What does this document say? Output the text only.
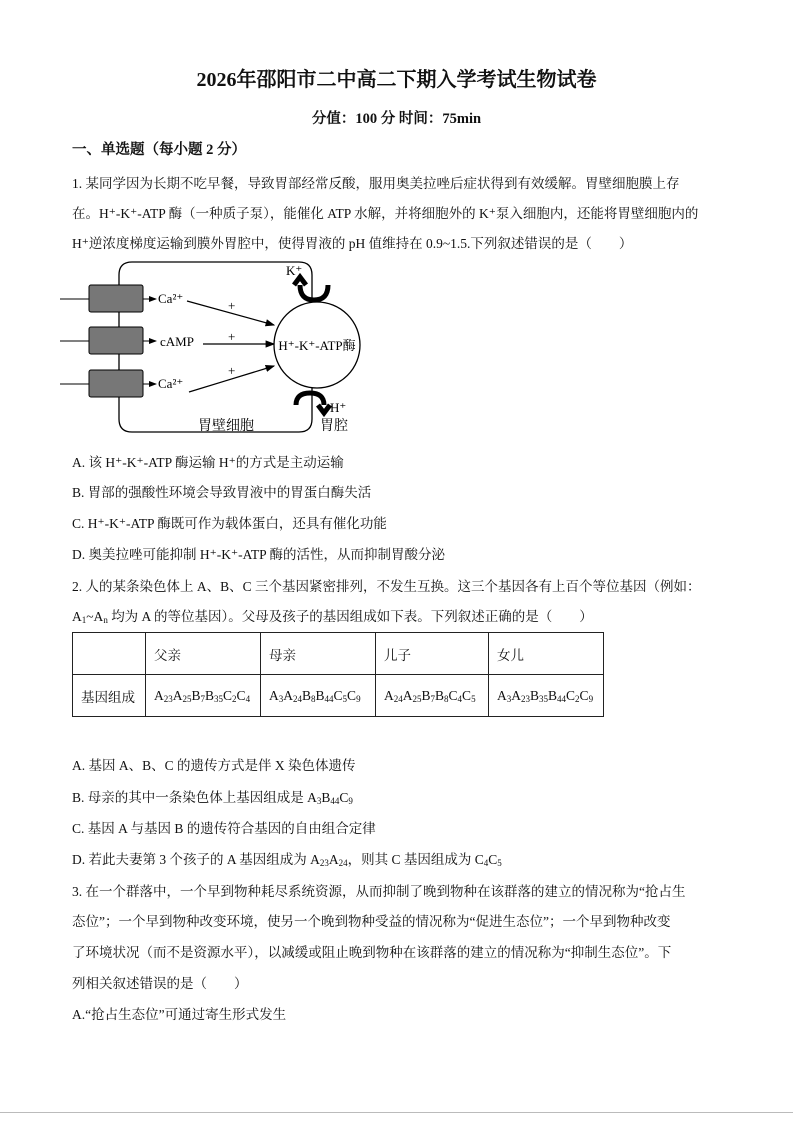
2026年邵阳市二中高二下期入学考试生物试卷
分值：100 分 时间：75min
一、单选题（每小题 2 分）
1. 某同学因为长期不吃早餐，导致胃部经常反酸，服用奥美拉唑后症状得到有效缓解。胃壁细胞膜上存
在。H⁺-K⁺-ATP 酶（一种质子泵），能催化 ATP 水解，并将细胞外的 K⁺泵入细胞内，还能将胃壁细胞内的
H⁺逆浓度梯度运输到膜外胃腔中，使得胃液的 pH 值维持在 0.9~1.5.下列叙述错误的是（　　）
Ca²⁺
cAMP
Ca²⁺
+
+
+
H⁺-K⁺-ATP酶
K⁺
H⁺
胃壁细胞	胃腔
A. 该 H⁺-K⁺-ATP 酶运输 H⁺的方式是主动运输
B. 胃部的强酸性环境会导致胃液中的胃蛋白酶失活
C. H⁺-K⁺-ATP 酶既可作为载体蛋白，还具有催化功能
D. 奥美拉唑可能抑制 H⁺-K⁺-ATP 酶的活性，从而抑制胃酸分泌
2. 人的某条染色体上 A、B、C 三个基因紧密排列，不发生互换。这三个基因各有上百个等位基因（例如：
$A_1\sim A_n$ 均为 A 的等位基因）。父母及孩子的基因组成如下表。下列叙述正确的是（　　）
	父亲	母亲	儿子	女儿
基因组成	$A_{23}A_{25}B_7B_{35}C_2C_4$	$A_3A_{24}B_8B_{44}C_5C_9$	$A_{24}A_{25}B_7B_8C_4C_5$	$A_3A_{23}B_{35}B_{44}C_2C_9$
A. 基因 A、B、C 的遗传方式是伴 X 染色体遗传
B. 母亲的其中一条染色体上基因组成是 $A_3B_{44}C_9$
C. 基因 A 与基因 B 的遗传符合基因的自由组合定律
D. 若此夫妻第 3 个孩子的 A 基因组成为 $A_{23}A_{24}$，则其 C 基因组成为 $C_4C_5$
3. 在一个群落中，一个早到物种耗尽系统资源，从而抑制了晚到物种在该群落的建立的情况称为“抢占生
态位”；一个早到物种改变环境，使另一个晚到物种受益的情况称为“促进生态位”；一个早到物种改变
了环境状况（而不是资源水平），以减缓或阻止晚到物种在该群落的建立的情况称为“抑制生态位”。下
列相关叙述错误的是（　　）
A.“抢占生态位”可通过寄生形式发生
